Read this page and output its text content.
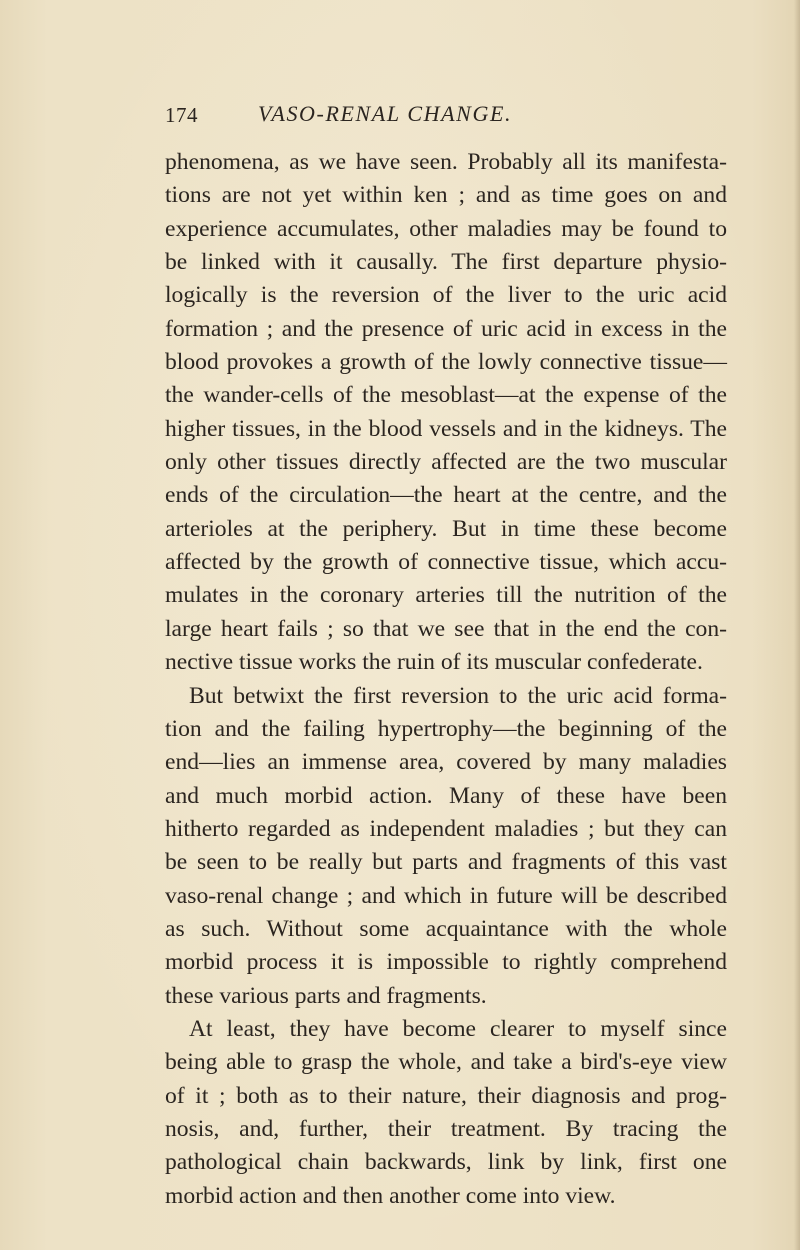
174	VASO-RENAL CHANGE.
phenomena, as we have seen. Probably all its manifesta-
tions are not yet within ken ; and as time goes on and
experience accumulates, other maladies may be found to
be linked with it causally. The first departure physio-
logically is the reversion of the liver to the uric acid
formation ; and the presence of uric acid in excess in the
blood provokes a growth of the lowly connective tissue—
the wander-cells of the mesoblast—at the expense of the
higher tissues, in the blood vessels and in the kidneys. The
only other tissues directly affected are the two muscular
ends of the circulation—the heart at the centre, and the
arterioles at the periphery. But in time these become
affected by the growth of connective tissue, which accu-
mulates in the coronary arteries till the nutrition of the
large heart fails ; so that we see that in the end the con-
nective tissue works the ruin of its muscular confederate.
But betwixt the first reversion to the uric acid forma-
tion and the failing hypertrophy—the beginning of the
end—lies an immense area, covered by many maladies
and much morbid action. Many of these have been
hitherto regarded as independent maladies ; but they can
be seen to be really but parts and fragments of this vast
vaso-renal change ; and which in future will be described
as such. Without some acquaintance with the whole
morbid process it is impossible to rightly comprehend
these various parts and fragments.
At least, they have become clearer to myself since
being able to grasp the whole, and take a bird's-eye view
of it ; both as to their nature, their diagnosis and prog-
nosis, and, further, their treatment. By tracing the
pathological chain backwards, link by link, first one
morbid action and then another come into view.
